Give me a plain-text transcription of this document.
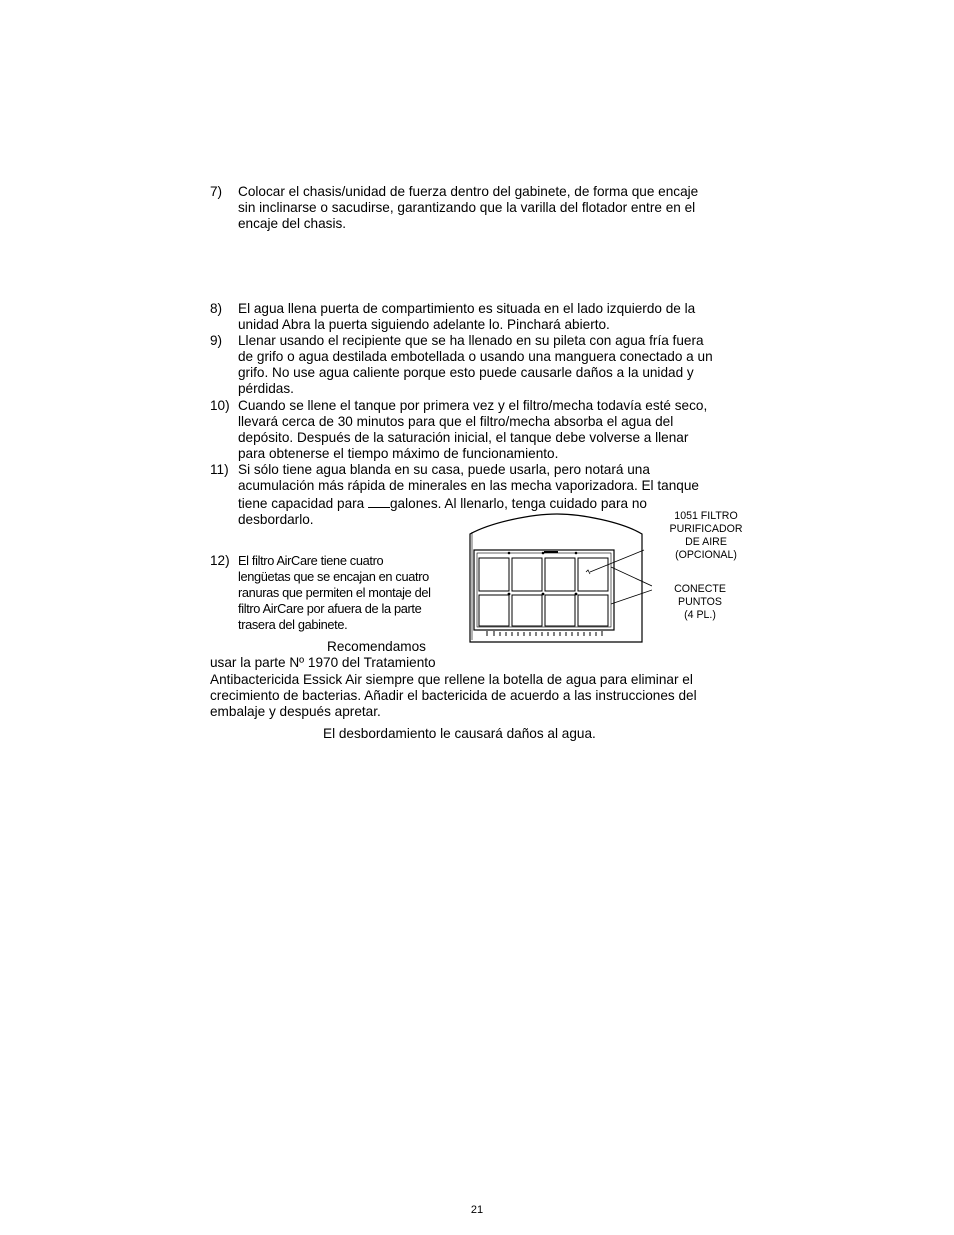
7)	Colocar el chasis/unidad de fuerza dentro del gabinete, de forma que encaje
sin inclinarse o sacudirse, garantizando que la varilla del flotador entre en el
encaje del chasis.
8)	El agua llena puerta de compartimiento es situada en el lado izquierdo de la
unidad Abra la puerta siguiendo adelante lo. Pinchará abierto.
9)	Llenar usando el recipiente que se ha llenado en su pileta con agua fría fuera
de grifo o agua destilada embotellada o usando una manguera conectado a un
grifo. No use agua caliente porque esto puede causarle daños a la unidad y
pérdidas.
10) Cuando se llene el tanque por primera vez y el filtro/mecha todavía esté seco,
llevará cerca de 30 minutos para que el filtro/mecha absorba el agua del
depósito. Después de la saturación inicial, el tanque debe volverse a llenar
para obtenerse el tiempo máximo de funcionamiento.
11) Si sólo tiene agua blanda en su casa, puede usarla, pero notará una
acumulación más rápida de minerales en las mecha vaporizadora. El tanque
tiene capacidad para galones. Al llenarlo, tenga cuidado para no
desbordarlo.
12) El filtro AirCare tiene cuatro
lengüetas que se encajan en cuatro
ranuras que permiten el montaje del
filtro AirCare por afuera de la parte
trasera del gabinete.
Recomendamos
usar la parte Nº 1970 del Tratamiento
Antibactericida Essick Air siempre que rellene la botella de agua para eliminar el
crecimiento de bacterias. Añadir el bactericida de acuerdo a las instrucciones del
embalaje y después apretar.
El desbordamiento le causará daños al agua.
1051 FILTRO
PURIFICADOR
DE AIRE
(OPCIONAL)
CONECTE
PUNTOS
(4 PL.)
21
